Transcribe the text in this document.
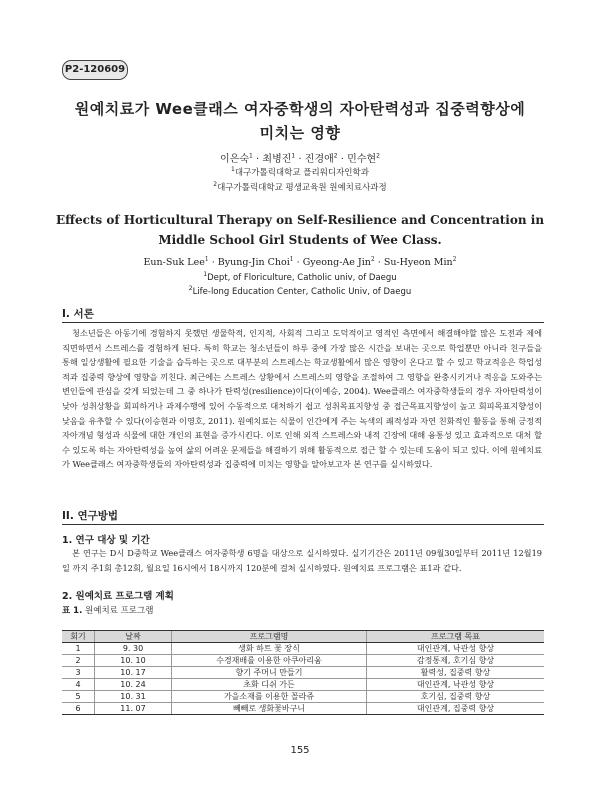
P2-120609
원예치료가 Wee클래스 여자중학생의 자아탄력성과 집중력향상에
미치는 영향
이은숙$^1$ · 최병진$^1$ · 진경애$^2$ · 민수현$^2$
$^1$대구가톨릭대학교 플리워디자인학과
$^2$대구가톨릭대학교 평생교육원 원예치료사과정
Effects of Horticultural Therapy on Self-Resilience and Concentration in
Middle School Girl Students of Wee Class.
Eun-Suk Lee$^1$ · Byung-Jin Choi$^1$ · Gyeong-Ae Jin$^2$ · Su-Hyeon Min$^2$
$^1$Dept, of Floriculture, Catholic univ, of Daegu
$^2$Life-long Education Center, Catholic Univ, of Daegu
I. 서론

청소년들은 아동기에 경험하지 못했던 생물학적, 인지적, 사회적 그리고 도덕적이고 영적인 측면에서 해결해야할 많은 도전과 제에 직면하면서 스트레스를 경험하게 된다. 특히 학교는 청소년들이 하루 중에 가장 많은 시간을 보내는 곳으로 학업뿐만 아니라 친구들을 통해 일상생활에 필요한 기술을 습득하는 곳으로 대부분의 스트레스는 학교생활에서 많은 영향이 온다고 할 수 있고 학교적응은 학업성적과 집중력 향상에 영향을 끼친다. 최근에는 스트레스 상황에서 스트레스의 영향을 조절하여 그 영향을 완충시키거나 적응을 도와주는 변인들에 관심을 갖게 되었는데 그 중 하나가 탄력성(resilience)이다(이예승, 2004). Wee클래스 여자중학생들의 경우 자아탄력성이 낮아 성취상황을 회피하거나 과제수행에 있어 수동적으로 대처하기 쉽고 성취목표지향성 중 접근목표지향성이 높고 회피목표지향성이 낮음을 유추할 수 있다(이승현과 이영호, 2011). 원예치료는 식물이 인간에게 주는 녹색의 쾌적성과 자연 친화적인 활동을 통해 긍정적 자아개념 형성과 식물에 대한 개인의 표현을 증가시킨다. 이로 인해 외적 스트레스와 내적 긴장에 대해 융통성 있고 효과적으로 대처 할 수 있도록 하는 자아탄력성을 높여 삶의 어려운 문제들을 해결하기 위해 활동적으로 접근 할 수 있는데 도움이 되고 있다. 이에 원예치료가 Wee클래스 여자중학생들의 자아탄력성과 집중력에 미치는 영향을 알아보고자 본 연구를 실시하였다.

II. 연구방법
1. 연구 대상 및 기간

본 연구는 D시 D중학교 Wee클래스 여자중학생 6명을 대상으로 실시하였다. 실기기간은 2011년 09월30일부터 2011년 12월19일 까지 주1회 총12회, 월요일 16시에서 18시까지 120분에 걸쳐 실시하였다. 원예치료 프로그램은 표1과 같다.

2. 원예치료 프로그램 계획
표 1. 원예치료 프로그램
회기	날짜	프로그램명	프로그램 목표
1	9. 30	생화 하트 꽃 장식	대인관계, 낙관성 향상
2	10. 10	수경재배를 이용한 아쿠아리움	감정통제, 호기심 향상
3	10. 17	향기 주머니 만들기	활력성, 집중력 향상
4	10. 24	초화 디쉬 가든	대인관계, 낙관성 향상
5	10. 31	가을소재를 이용한 꼴라쥬	호기심, 집중력 향상
6	11. 07	빼빼로 생화꽃바구니	대인관계, 집중력 향상
155
